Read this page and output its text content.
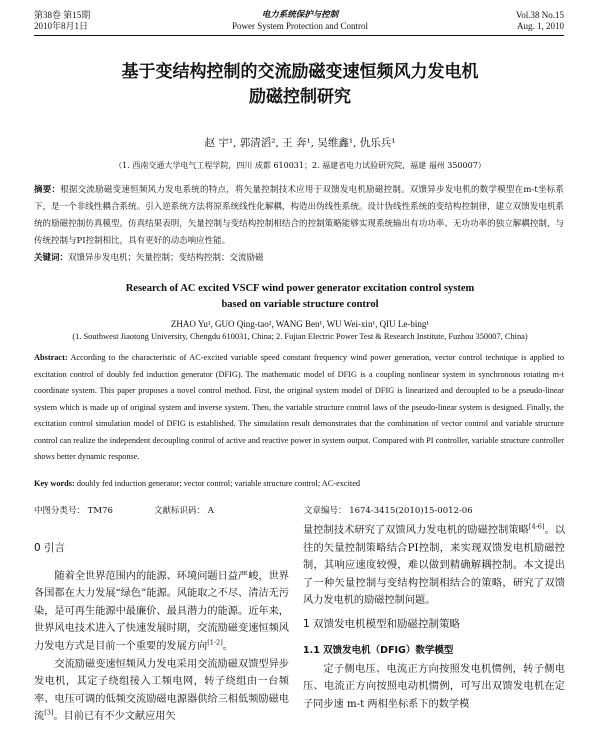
第38卷 第15期
2010年8月1日
电力系统保护与控制
Power System Protection and Control
Vol.38 No.15
Aug. 1, 2010
基于变结构控制的交流励磁变速恒频风力发电机
励磁控制研究
赵 宇¹, 郭清滔², 王 奔¹, 吴维鑫¹, 仇乐兵¹
（1. 西南交通大学电气工程学院，四川 成都 610031；2. 福建省电力试验研究院，福建 福州 350007）
摘要：根据交流励磁变速恒频风力发电系统的特点，将矢量控制技术应用于双馈发电机励磁控制。双馈异步发电机的数学模型在m-t坐标系下，是一个非线性耦合系统。引入逆系统方法将原系统线性化解耦，构造出伪线性系统。设计伪线性系统的变结构控制律，建立双馈发电机系统的励磁控制仿真模型。仿真结果表明，矢量控制与变结构控制相结合的控制策略能够实现系统输出有功功率、无功功率的独立解耦控制，与传统控制与PI控制相比，具有更好的动态响应性能。
关键词：双馈异步发电机；矢量控制；变结构控制；交流励磁
Research of AC excited VSCF wind power generator excitation control system
based on variable structure control
ZHAO Yu¹, GUO Qing-tao², WANG Ben¹, WU Wei-xin¹, QIU Le-bing¹
(1. Southwest Jiaotong University, Chengdu 610031, China; 2. Fujian Electric Power Test & Research Institute, Fuzhou 350007, China)
Abstract: According to the characteristic of AC-excited variable speed constant frequency wind power generation, vector control technique is applied to excitation control of doubly fed induction generator (DFIG). The mathematic model of DFIG is a coupling nonlinear system in synchronous rotating m-t coordinate system. This paper proposes a novel control method. First, the original system model of DFIG is linearized and decoupled to be a pseudo-linear system which is made up of original system and inverse system. Then, the variable structure control laws of the pseudo-linear system is designed. Finally, the excitation control simulation model of DFIG is established. The simulation result demonstrates that the combination of vector control and variable structure control can realize the independent decoupling control of active and reactive power in system output. Compared with PI controller, variable structure controller shows better dynamic response.
Key words: doubly fed induction generator; vector control; variable structure control; AC-excited
中图分类号： TM76	文献标识码： A	文章编号： 1674-3415(2010)15-0012-06
0 引言

随着全世界范围内的能源、环境问题日益严峻，世界各国都在大力发展“绿色”能源。风能取之不尽、清洁无污染，是可再生能源中最廉价、最具潜力的能源。近年来，世界风电技术进入了快速发展时期，交流励磁变速恒频风力发电方式是目前一个重要的发展方向[1-2]。

交流励磁变速恒频风力发电采用交流励磁双馈型异步发电机，其定子绕组接入工频电网，转子绕组由一台频率、电压可调的低频交流励磁电源器供给三相低频励磁电流[3]。目前已有不少文献应用矢

量控制技术研究了双馈风力发电机的励磁控制策略[4-6]。以往的矢量控制策略结合PI控制，来实现双馈发电机励磁控制，其响应速度较慢，难以做到精确解耦控制。本文提出了一种矢量控制与变结构控制相结合的策略，研究了双馈风力发电机的励磁控制问题。

1 双馈发电机模型和励磁控制策略
1.1 双馈发电机（DFIG）数学模型

定子侧电压、电流正方向按照发电机惯例，转子侧电压、电流正方向按照电动机惯例，可写出双馈发电机在定子同步速 m-t 两相坐标系下的数学模
